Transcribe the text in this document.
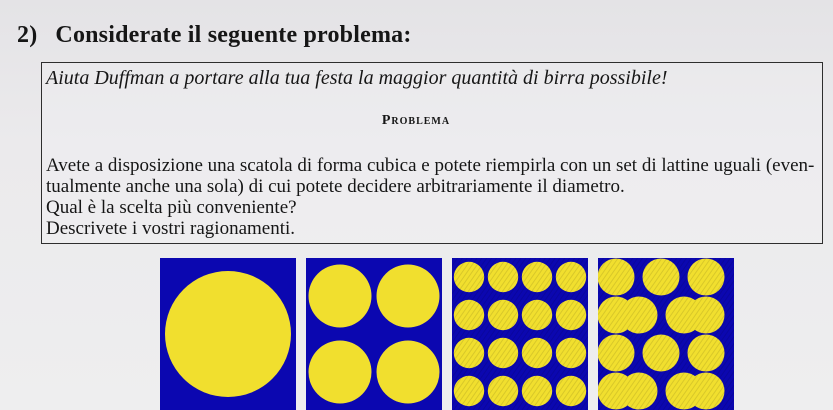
2) Considerate il seguente problema:
Aiuta Duffman a portare alla tua festa la maggior quantità di birra possibile!
Problema

Avete a disposizione una scatola di forma cubica e potete riempirla con un set di lattine uguali (even-

tualmente anche una sola) di cui potete decidere arbitrariamente il diametro.

Qual è la scelta più conveniente?

Descrivete i vostri ragionamenti.
